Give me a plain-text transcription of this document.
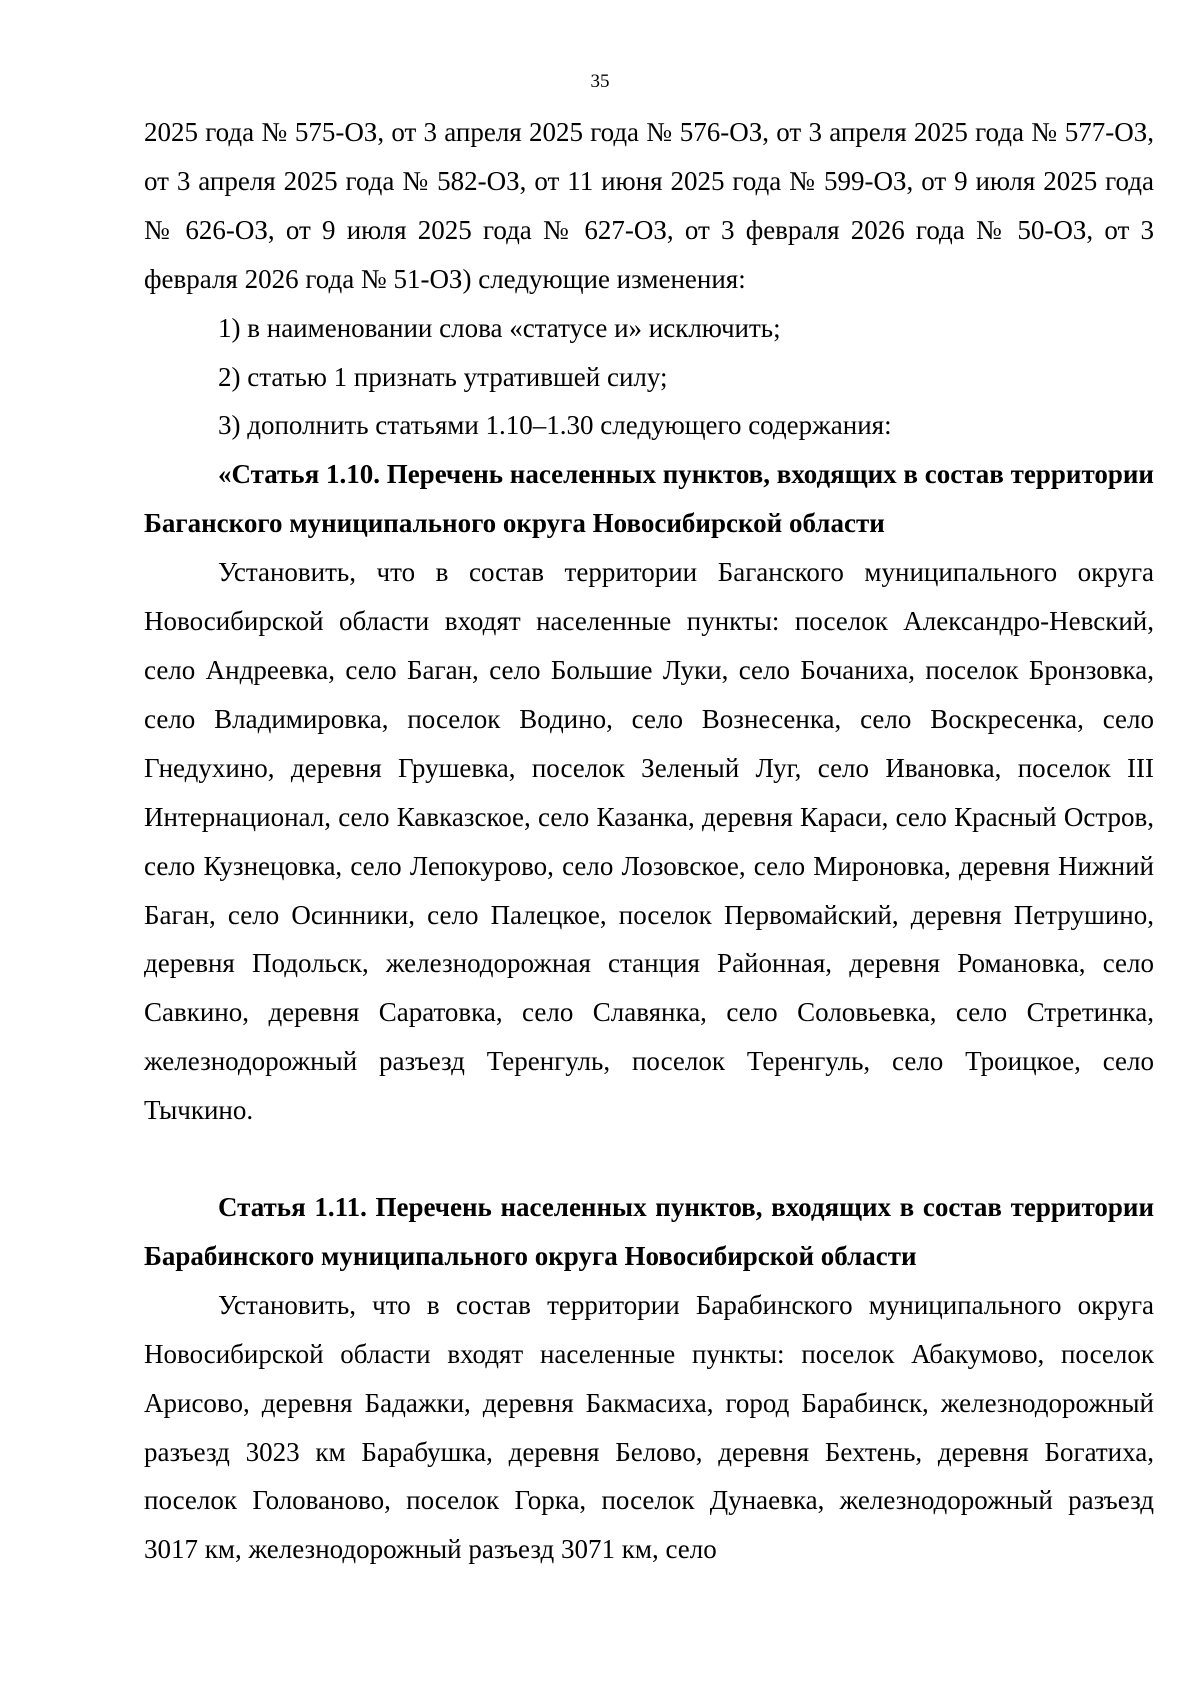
35

2025 года № 575-ОЗ, от 3 апреля 2025 года № 576-ОЗ, от 3 апреля 2025 года № 577-ОЗ, от 3 апреля 2025 года № 582-ОЗ, от 11 июня 2025 года № 599-ОЗ, от 9 июля 2025 года № 626-ОЗ, от 9 июля 2025 года № 627-ОЗ, от 3 февраля 2026 года № 50-ОЗ, от 3 февраля 2026 года № 51-ОЗ) следующие изменения:

1) в наименовании слова «статусе и» исключить;

2) статью 1 признать утратившей силу;

3) дополнить статьями 1.10–1.30 следующего содержания:

«Статья 1.10. Перечень населенных пунктов, входящих в состав территории Баганского муниципального округа Новосибирской области

Установить, что в состав территории Баганского муниципального округа Новосибирской области входят населенные пункты: поселок Александро-Невский, село Андреевка, село Баган, село Большие Луки, село Бочаниха, поселок Бронзовка, село Владимировка, поселок Водино, село Вознесенка, село Воскресенка, село Гнедухино, деревня Грушевка, поселок Зеленый Луг, село Ивановка, поселок III Интернационал, село Кавказское, село Казанка, деревня Караси, село Красный Остров, село Кузнецовка, село Лепокурово, село Лозовское, село Мироновка, деревня Нижний Баган, село Осинники, село Палецкое, поселок Первомайский, деревня Петрушино, деревня Подольск, железнодорожная станция Районная, деревня Романовка, село Савкино, деревня Саратовка, село Славянка, село Соловьевка, село Стретинка, железнодорожный разъезд Теренгуль, поселок Теренгуль, село Троицкое, село Тычкино.

Статья 1.11. Перечень населенных пунктов, входящих в состав территории Барабинского муниципального округа Новосибирской области

Установить, что в состав территории Барабинского муниципального округа Новосибирской области входят населенные пункты: поселок Абакумово, поселок Арисово, деревня Бадажки, деревня Бакмасиха, город Барабинск, железнодорожный разъезд 3023 км Барабушка, деревня Белово, деревня Бехтень, деревня Богатиха, поселок Голованово, поселок Горка, поселок Дунаевка, железнодорожный разъезд 3017 км, железнодорожный разъезд 3071 км, село
